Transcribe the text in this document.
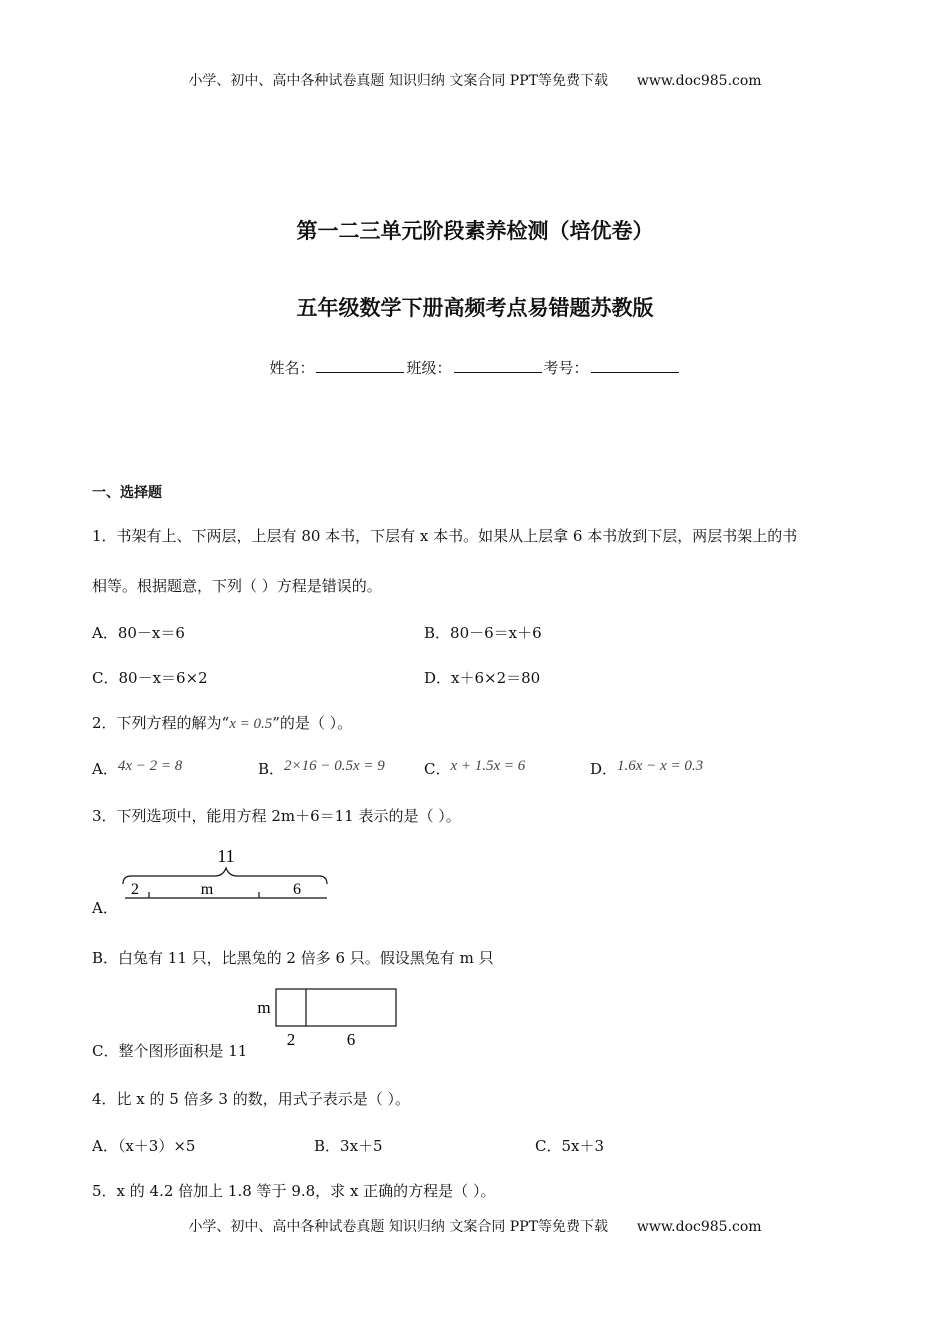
小学、初中、高中各种试卷真题 知识归纳 文案合同 PPT等免费下载 www.doc985.com
第一二三单元阶段素养检测（培优卷）
五年级数学下册高频考点易错题苏教版
姓名：	班级：	考号：
一、选择题
1．书架有上、下两层，上层有 80 本书，下层有 x 本书。如果从上层拿 6 本书放到下层，两层书架上的书
相等。根据题意，下列（ ）方程是错误的。
A．80－x＝6	B．80－6＝x＋6
C．80－x＝6×2	D．x＋6×2＝80
2．下列方程的解为“x = 0.5”的是（ ）。
A．4x − 2 = 8	B．2×16 − 0.5x = 9	C．x + 1.5x = 6	D．1.6x − x = 0.3
3．下列选项中，能用方程 2m＋6＝11 表示的是（ ）。
A．
11
2	m	6
B．白兔有 11 只，比黑兔的 2 倍多 6 只。假设黑兔有 m 只
C．整个图形面积是 11
m
2	6
4．比 x 的 5 倍多 3 的数，用式子表示是（ ）。
A．（x＋3）×5	B．3x＋5	C．5x＋3
5．x 的 4.2 倍加上 1.8 等于 9.8，求 x 正确的方程是（ ）。
小学、初中、高中各种试卷真题 知识归纳 文案合同 PPT等免费下载 www.doc985.com
